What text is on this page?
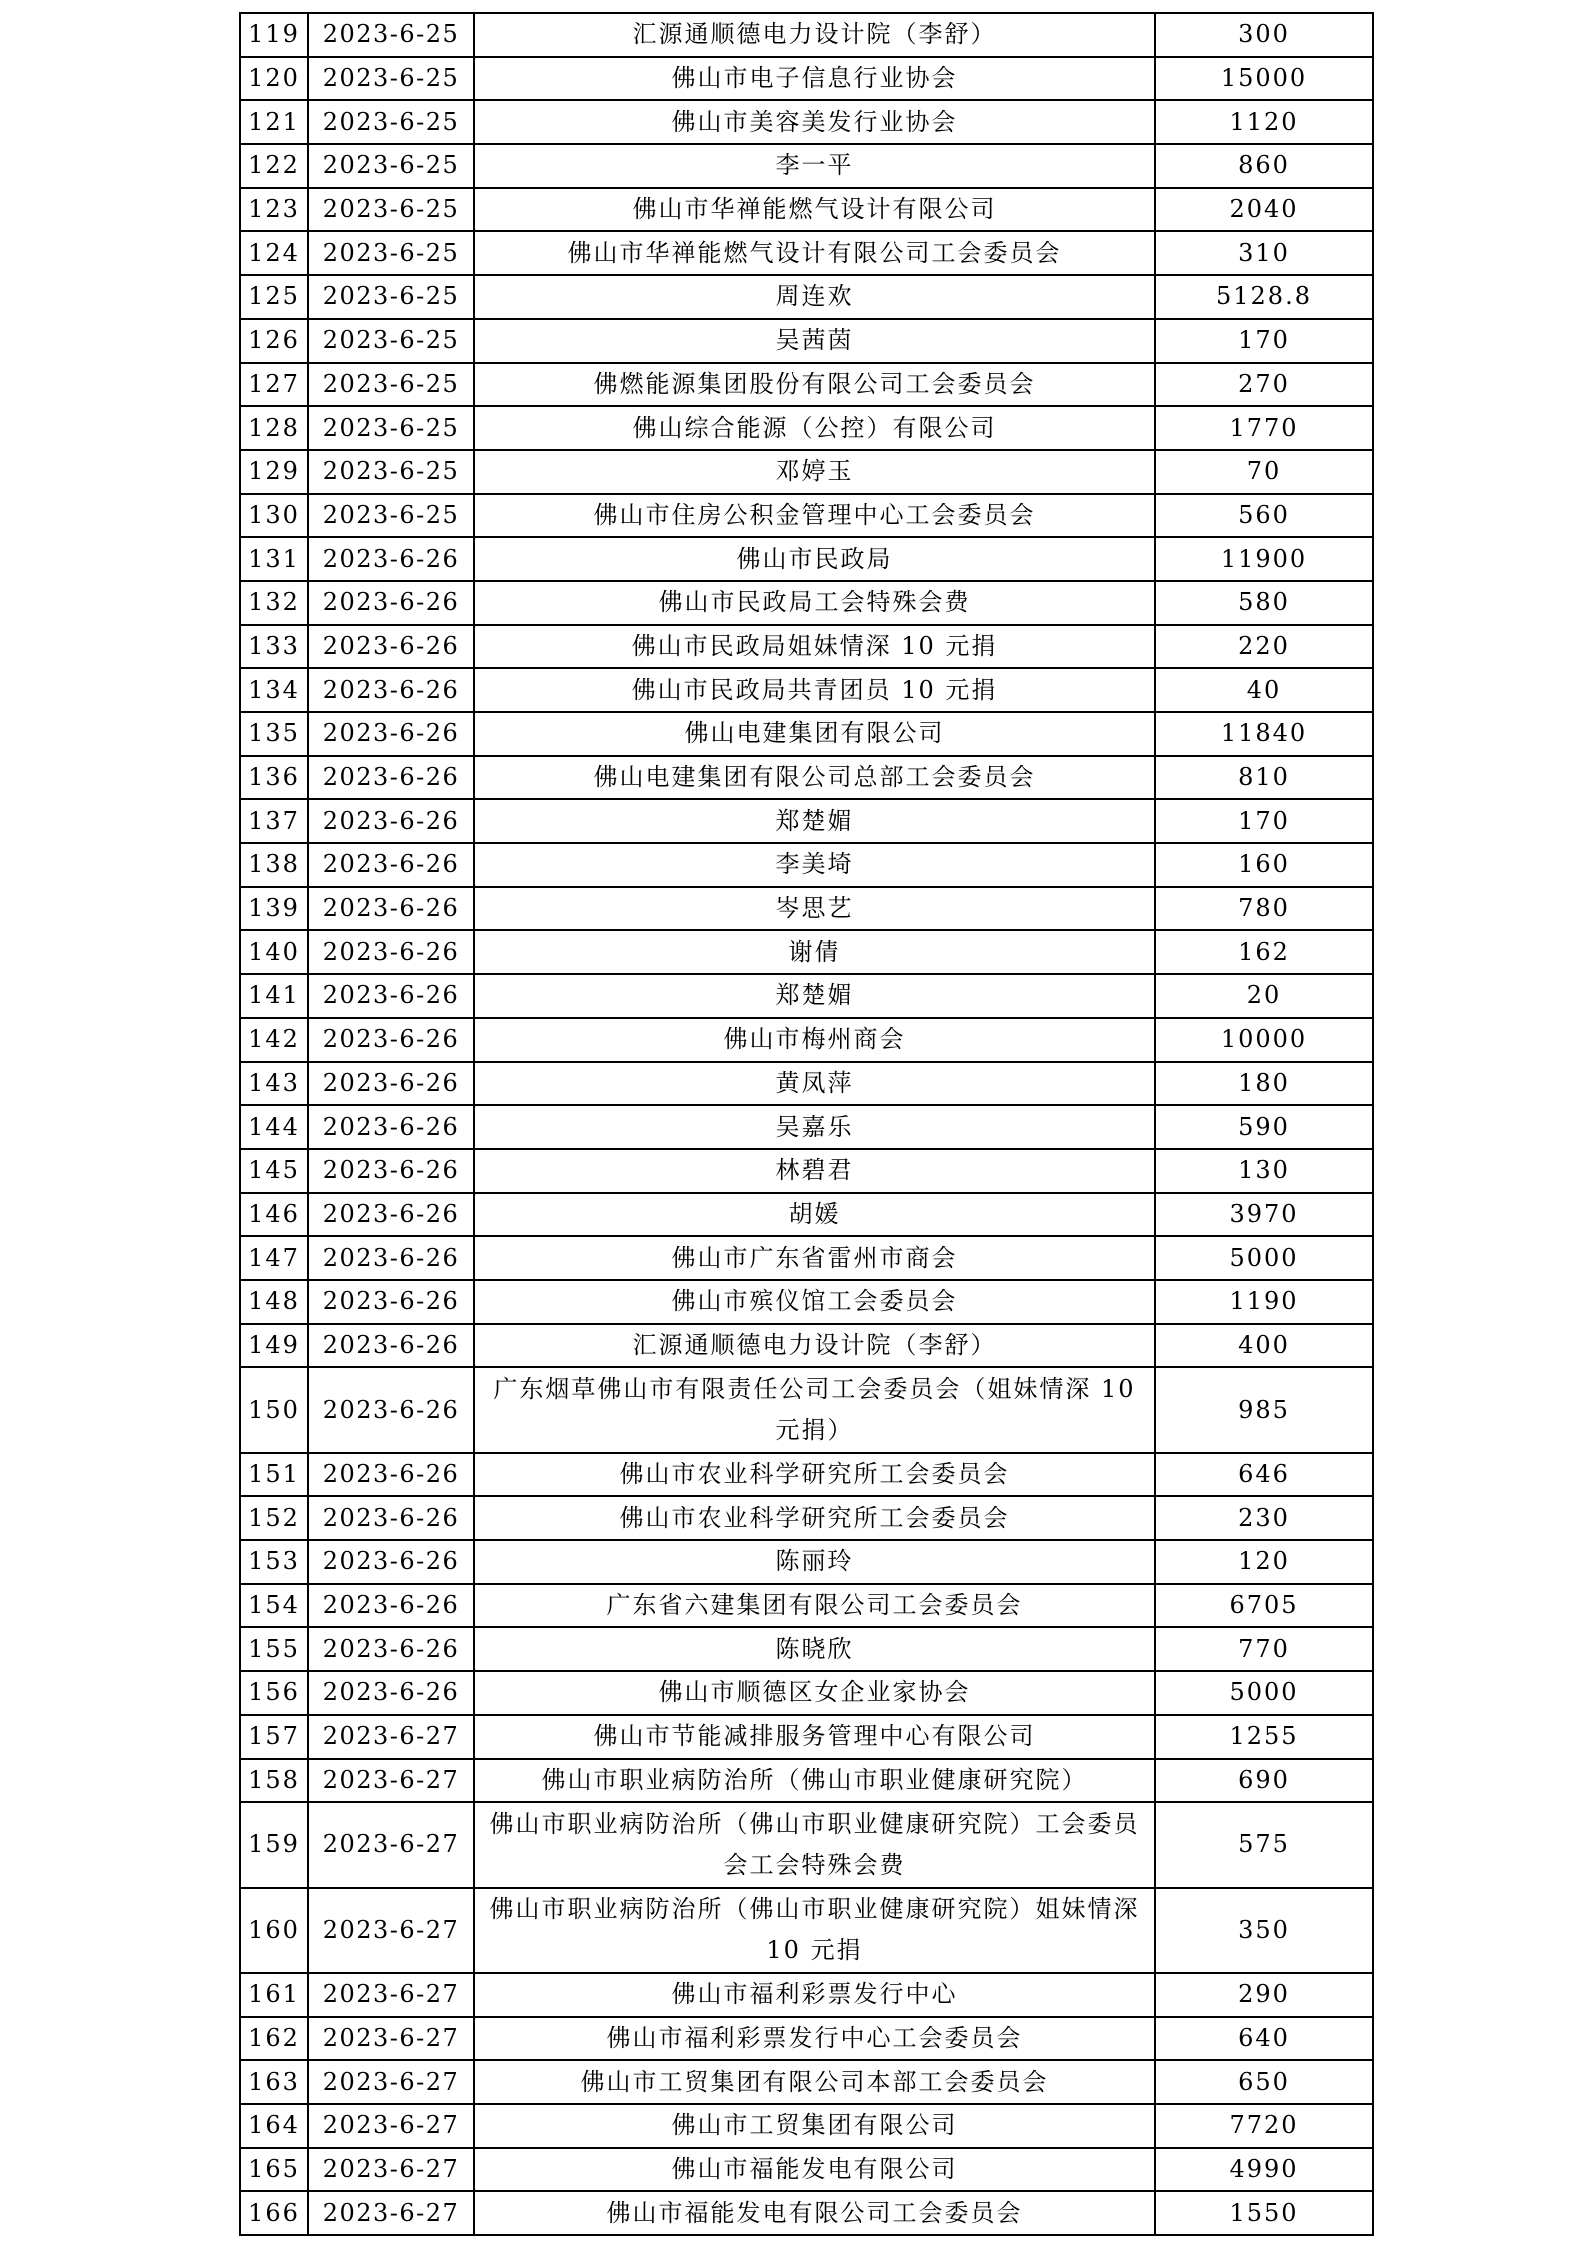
119	2023-6-25	汇源通顺德电力设计院（李舒）	300
120	2023-6-25	佛山市电子信息行业协会	15000
121	2023-6-25	佛山市美容美发行业协会	1120
122	2023-6-25	李一平	860
123	2023-6-25	佛山市华禅能燃气设计有限公司	2040
124	2023-6-25	佛山市华禅能燃气设计有限公司工会委员会	310
125	2023-6-25	周连欢	5128.8
126	2023-6-25	吴茜茵	170
127	2023-6-25	佛燃能源集团股份有限公司工会委员会	270
128	2023-6-25	佛山综合能源（公控）有限公司	1770
129	2023-6-25	邓婷玉	70
130	2023-6-25	佛山市住房公积金管理中心工会委员会	560
131	2023-6-26	佛山市民政局	11900
132	2023-6-26	佛山市民政局工会特殊会费	580
133	2023-6-26	佛山市民政局姐妹情深 10 元捐	220
134	2023-6-26	佛山市民政局共青团员 10 元捐	40
135	2023-6-26	佛山电建集团有限公司	11840
136	2023-6-26	佛山电建集团有限公司总部工会委员会	810
137	2023-6-26	郑楚媚	170
138	2023-6-26	李美埼	160
139	2023-6-26	岑思艺	780
140	2023-6-26	谢倩	162
141	2023-6-26	郑楚媚	20
142	2023-6-26	佛山市梅州商会	10000
143	2023-6-26	黄凤萍	180
144	2023-6-26	吴嘉乐	590
145	2023-6-26	林碧君	130
146	2023-6-26	胡媛	3970
147	2023-6-26	佛山市广东省雷州市商会	5000
148	2023-6-26	佛山市殡仪馆工会委员会	1190
149	2023-6-26	汇源通顺德电力设计院（李舒）	400
150	2023-6-26	广东烟草佛山市有限责任公司工会委员会（姐妹情深 10 元捐）	985
151	2023-6-26	佛山市农业科学研究所工会委员会	646
152	2023-6-26	佛山市农业科学研究所工会委员会	230
153	2023-6-26	陈丽玲	120
154	2023-6-26	广东省六建集团有限公司工会委员会	6705
155	2023-6-26	陈晓欣	770
156	2023-6-26	佛山市顺德区女企业家协会	5000
157	2023-6-27	佛山市节能减排服务管理中心有限公司	1255
158	2023-6-27	佛山市职业病防治所（佛山市职业健康研究院）	690
159	2023-6-27	佛山市职业病防治所（佛山市职业健康研究院）工会委员会工会特殊会费	575
160	2023-6-27	佛山市职业病防治所（佛山市职业健康研究院）姐妹情深 10 元捐	350
161	2023-6-27	佛山市福利彩票发行中心	290
162	2023-6-27	佛山市福利彩票发行中心工会委员会	640
163	2023-6-27	佛山市工贸集团有限公司本部工会委员会	650
164	2023-6-27	佛山市工贸集团有限公司	7720
165	2023-6-27	佛山市福能发电有限公司	4990
166	2023-6-27	佛山市福能发电有限公司工会委员会	1550
